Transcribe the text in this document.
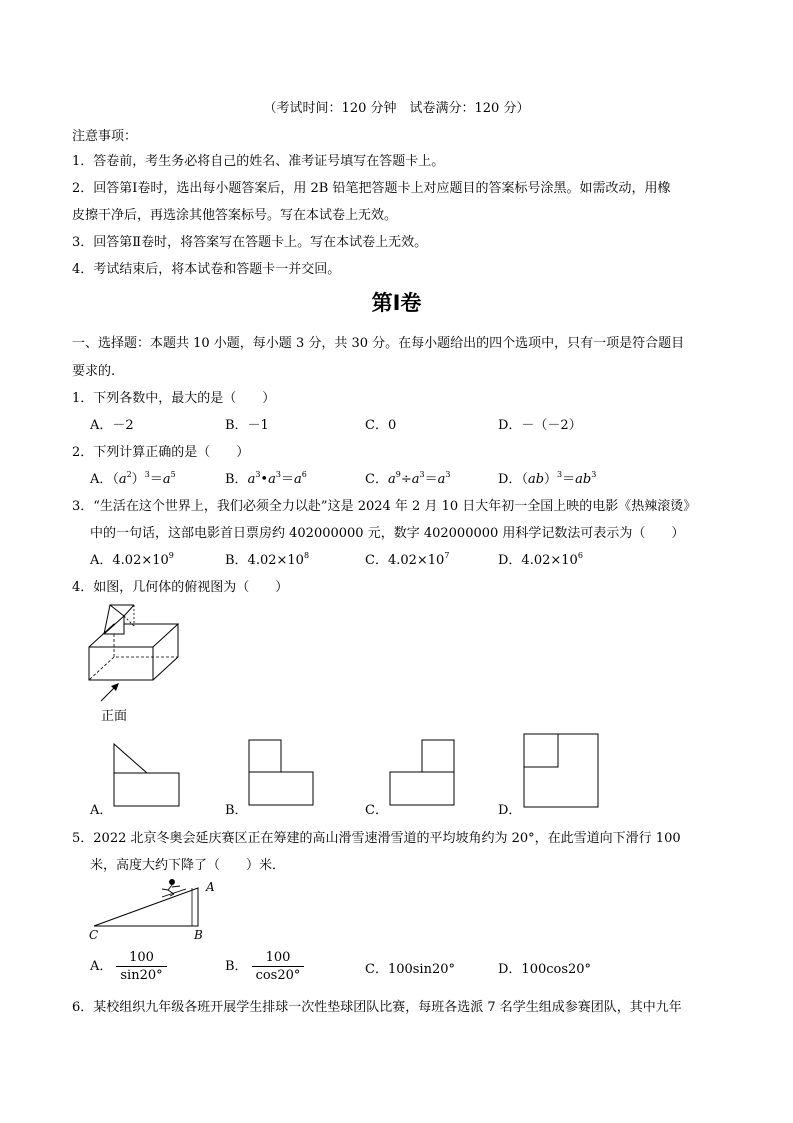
（考试时间：120 分钟　试卷满分：120 分）
注意事项：
1．答卷前，考生务必将自己的姓名、准考证号填写在答题卡上。
2．回答第Ⅰ卷时，选出每小题答案后，用 2B 铅笔把答题卡上对应题目的答案标号涂黑。如需改动，用橡
皮擦干净后，再选涂其他答案标号。写在本试卷上无效。
3．回答第Ⅱ卷时，将答案写在答题卡上。写在本试卷上无效。
4．考试结束后，将本试卷和答题卡一并交回。
第Ⅰ卷
一、选择题：本题共 10 小题，每小题 3 分，共 30 分。在每小题给出的四个选项中，只有一项是符合题目
要求的.
1．下列各数中，最大的是（　　）
A．－2	B．－1	C．0	D．－（－2）
2．下列计算正确的是（　　）
A．$(a^2)^3=a^5$	B．$a^3•a^3=a^6$	C．$a^9\div a^3=a^3$	D．$(ab)^3=ab^3$
3．“生活在这个世界上，我们必须全力以赴”这是 2024 年 2 月 10 日大年初一全国上映的电影《热辣滚烫》
中的一句话，这部电影首日票房约 402000000 元，数字 402000000 用科学记数法可表示为（　　）
A．$4.02\times 10^9$	B．$4.02\times 10^8$	C．$4.02\times 10^7$	D．$4.02\times 10^6$
4．如图，几何体的俯视图为（　　）
正面
A．	B．	C．	D．
5．2022 北京冬奥会延庆赛区正在筹建的高山滑雪速滑雪道的平均坡角约为 20°，在此雪道向下滑行 100
米，高度大约下降了（　　）米．
A
B
C
A． $\frac{100}{\sin 20^\circ}$	B． $\frac{100}{\cos 20^\circ}$	C．100sin20°	D．100cos20°
6．某校组织九年级各班开展学生排球一次性垫球团队比赛，每班各选派 7 名学生组成参赛团队，其中九年
